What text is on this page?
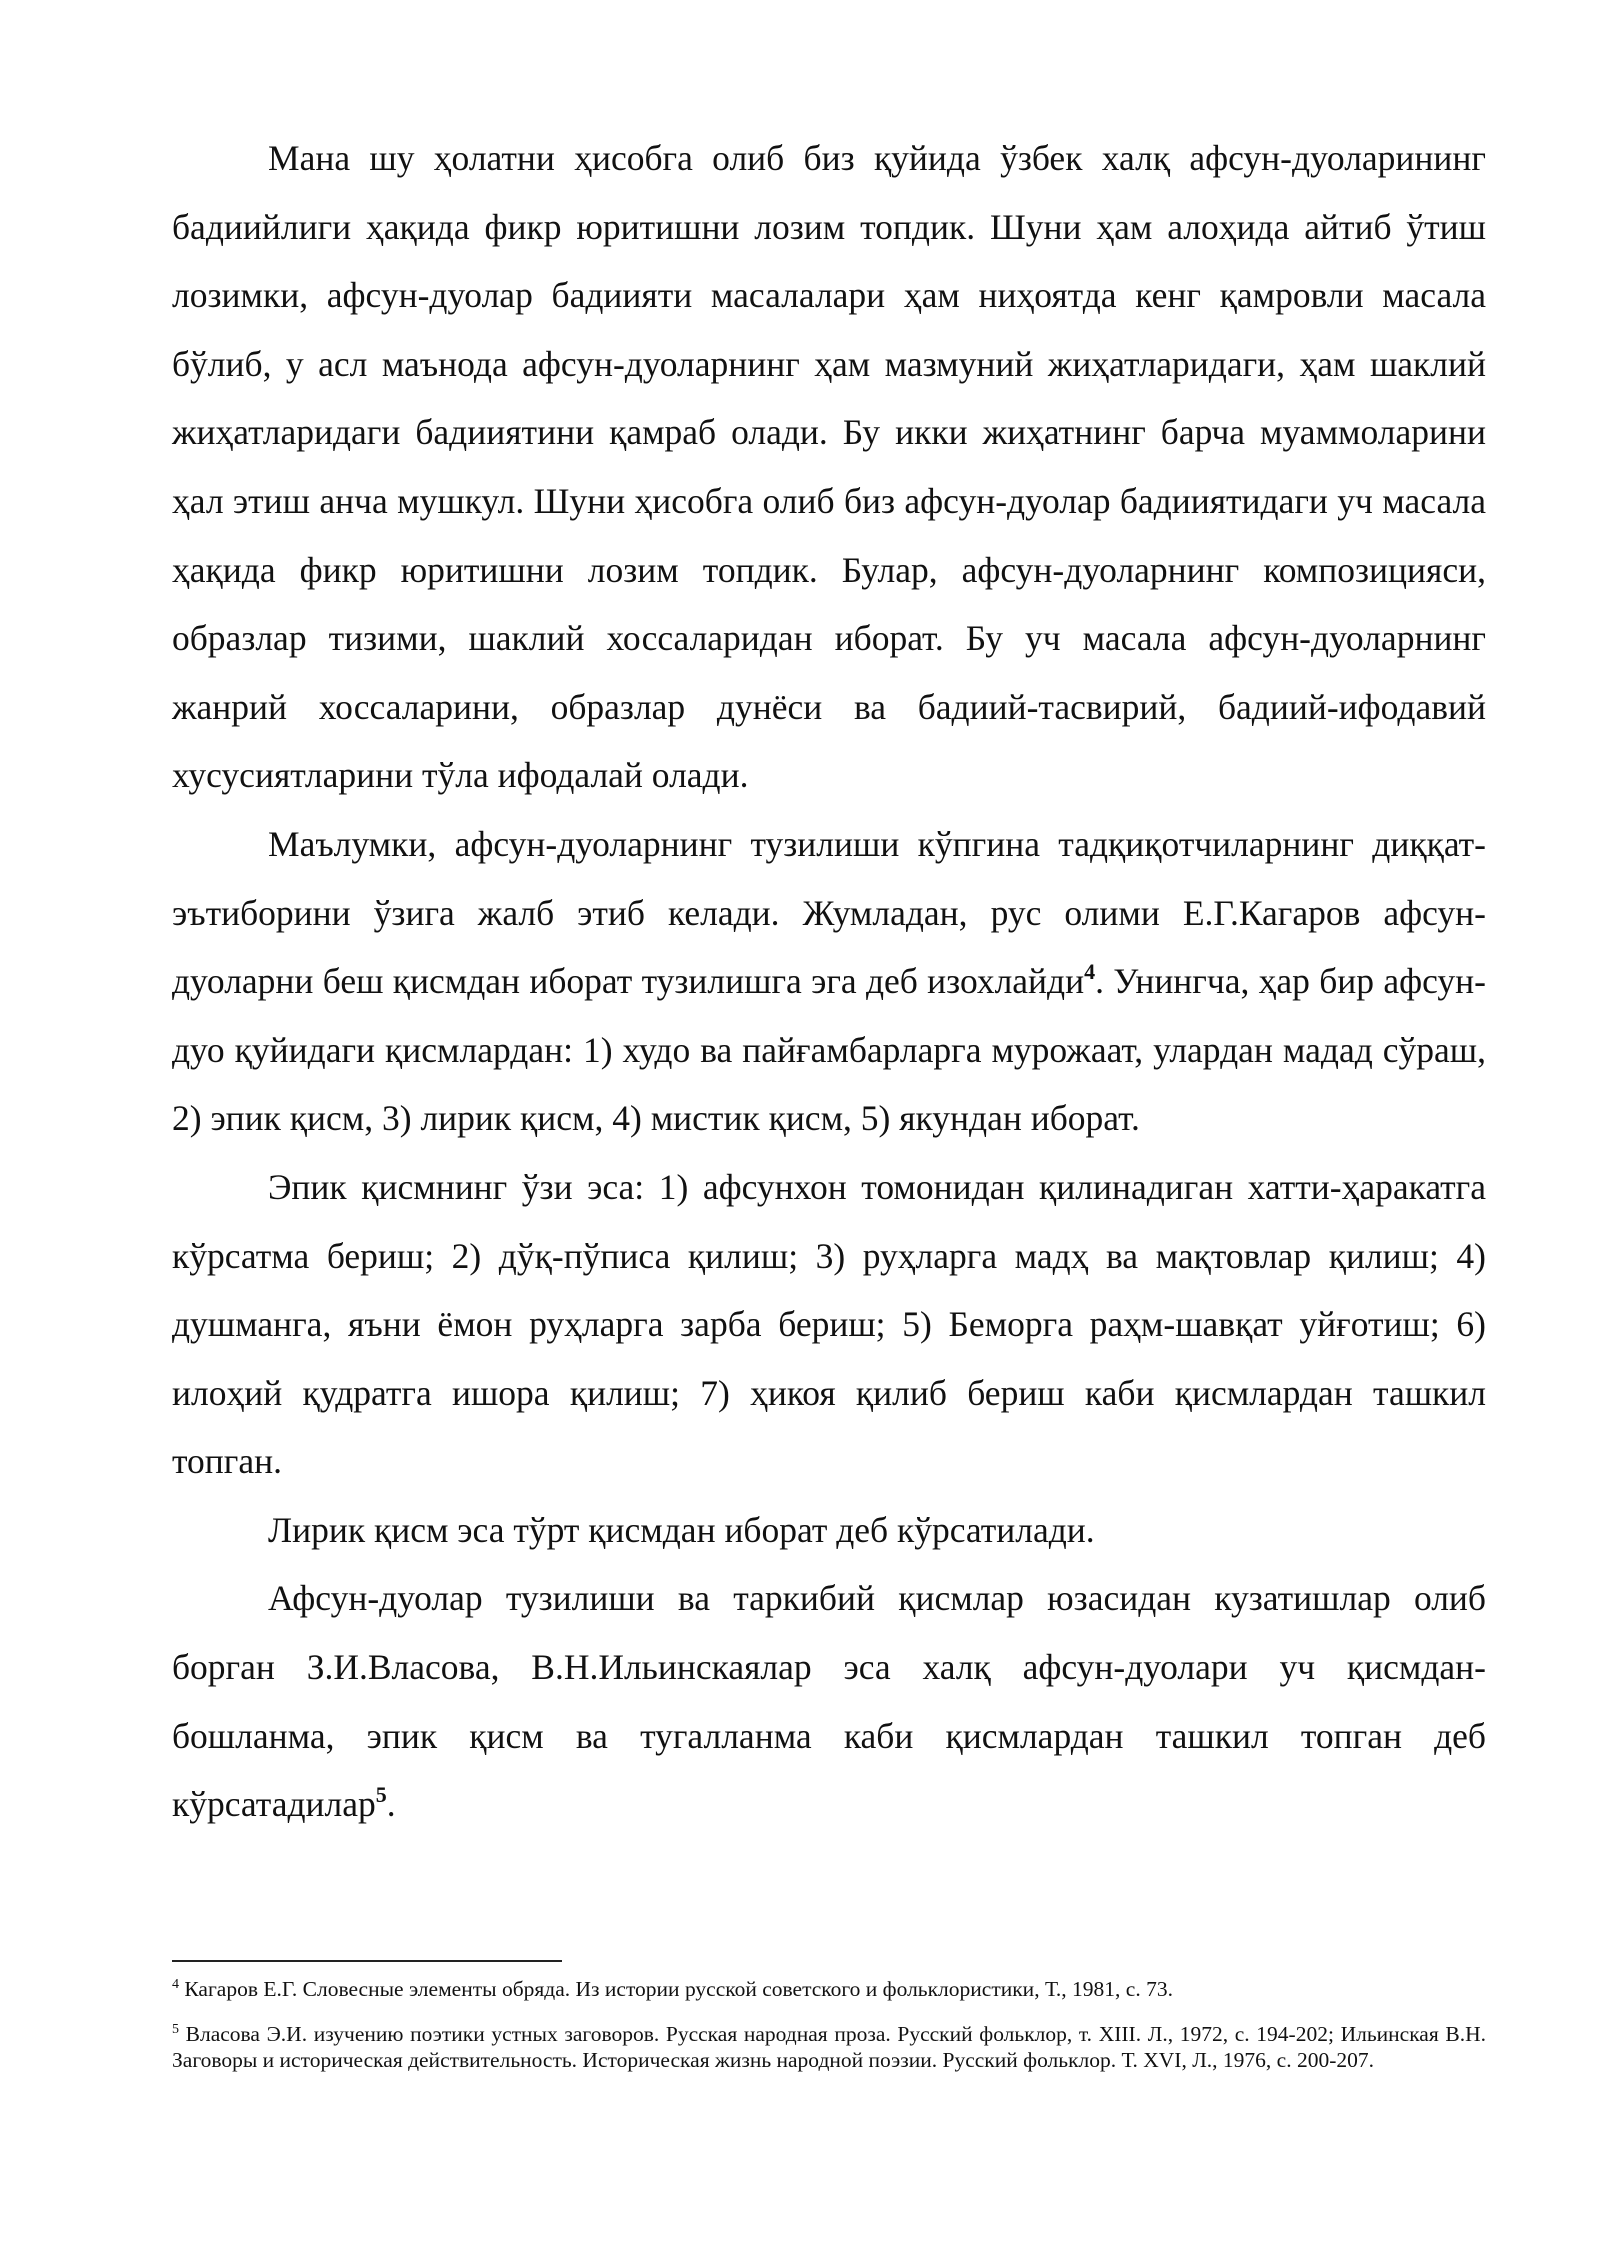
Мана шу ҳолатни ҳисобга олиб биз қуйида ўзбек халқ афсун-дуоларининг бадиийлиги ҳақида фикр юритишни лозим топдик. Шуни ҳам алоҳида айтиб ўтиш лозимки, афсун-дуолар бадиияти масалалари ҳам ниҳоятда кенг қамровли масала бўлиб, у асл маънода афсун-дуоларнинг ҳам мазмуний жиҳатларидаги, ҳам шаклий жиҳатларидаги бадииятини қамраб олади. Бу икки жиҳатнинг барча муаммоларини ҳал этиш анча мушкул. Шуни ҳисобга олиб биз афсун-дуолар бадииятидаги уч масала ҳақида фикр юритишни лозим топдик. Булар, афсун-дуоларнинг композицияси, образлар тизими, шаклий хоссаларидан иборат. Бу уч масала афсун-дуоларнинг жанрий хоссаларини, образлар дунёси ва бадиий-тасвирий, бадиий-ифодавий хусусиятларини тўла ифодалай олади.

Маълумки, афсун-дуоларнинг тузилиши кўпгина тадқиқотчиларнинг диққат-эътиборини ўзига жалб этиб келади. Жумладан, рус олими Е.Г.Кагаров афсун-дуоларни беш қисмдан иборат тузилишга эга деб изохлайди$^4$. Унингча, ҳар бир афсун-дуо қуйидаги қисмлардан: 1) худо ва пайғамбарларга мурожаат, улардан мадад сўраш, 2) эпик қисм, 3) лирик қисм, 4) мистик қисм, 5) якундан иборат.

Эпик қисмнинг ўзи эса: 1) афсунхон томонидан қилинадиган хатти-ҳаракатга кўрсатма бериш; 2) дўқ-пўписа қилиш; 3) руҳларга мадҳ ва мақтовлар қилиш; 4) душманга, яъни ёмон руҳларга зарба бериш; 5) Беморга раҳм-шавқат уйғотиш; 6) илоҳий қудратга ишора қилиш; 7) ҳикоя қилиб бериш каби қисмлардан ташкил топган.

Лирик қисм эса тўрт қисмдан иборат деб кўрсатилади.

Афсун-дуолар тузилиши ва таркибий қисмлар юзасидан кузатишлар олиб борган З.И.Власова, В.Н.Ильинскаялар эса халқ афсун-дуолари уч қисмдан-бошланма, эпик қисм ва тугалланма каби қисмлардан ташкил топган деб кўрсатадилар$^5$.

$^4$ Кагаров Е.Г. Словесные элементы обряда. Из истории русской советского и фольклористики, Т., 1981, с. 73.

$^5$ Власова Э.И. изучению поэтики устных заговоров. Русская народная проза. Русский фольклор, т. XIII. Л., 1972, с. 194-202; Ильинская В.Н. Заговоры и историческая действительность. Историческая жизнь народной поэзии. Русский фольклор. Т. XVI, Л., 1976, с. 200-207.
